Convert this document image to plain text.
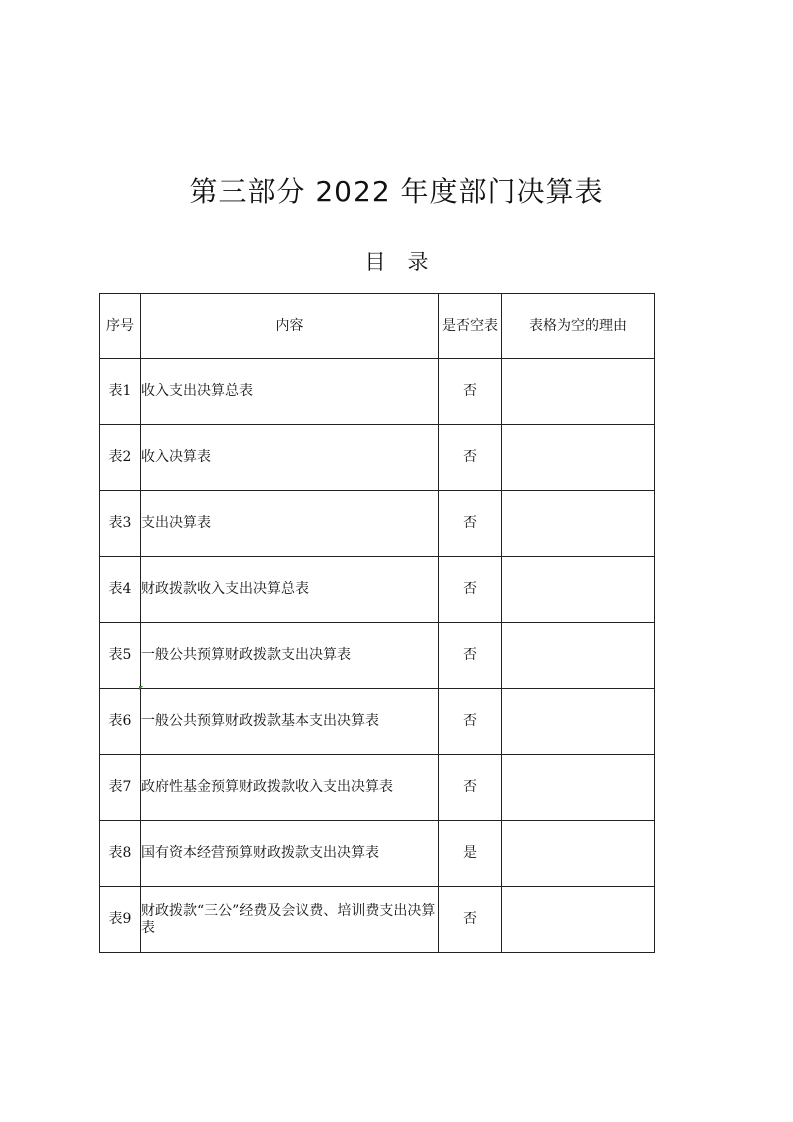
第三部分 2022 年度部门决算表
目 录
序号	内容	是否空表	表格为空的理由
表1	收入支出决算总表	否	
表2	收入决算表	否	
表3	支出决算表	否	
表4	财政拨款收入支出决算总表	否	
表5	一般公共预算财政拨款支出决算表	否	
表6	一般公共预算财政拨款基本支出决算表	否	
表7	政府性基金预算财政拨款收入支出决算表	否	
表8	国有资本经营预算财政拨款支出决算表	是	
表9	财政拨款“三公”经费及会议费、培训费支出决算表	否	
